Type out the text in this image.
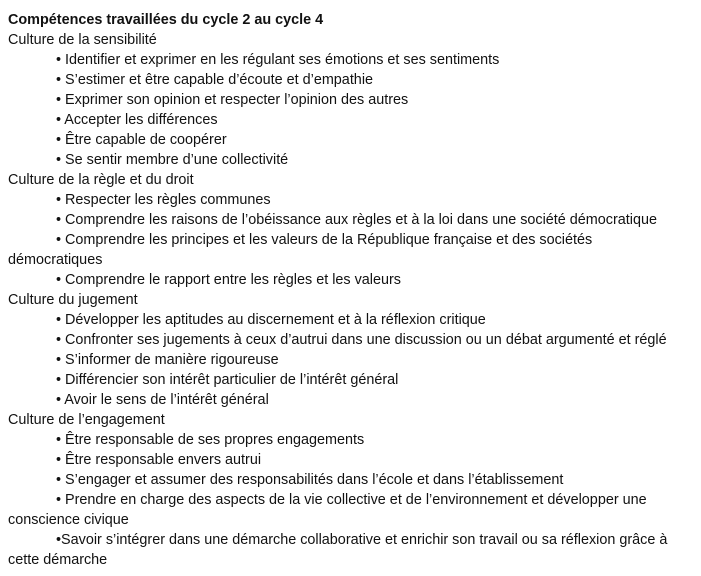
Compétences travaillées du cycle 2 au cycle 4

Culture de la sensibilité

• Identifier et exprimer en les régulant ses émotions et ses sentiments
• S’estimer et être capable d’écoute et d’empathie
• Exprimer son opinion et respecter l’opinion des autres
• Accepter les différences
• Être capable de coopérer
• Se sentir membre d’une collectivité

Culture de la règle et du droit

• Respecter les règles communes
• Comprendre les raisons de l’obéissance aux règles et à la loi dans une société démocratique
• Comprendre les principes et les valeurs de la République française et des sociétés
démocratiques
• Comprendre le rapport entre les règles et les valeurs

Culture du jugement

• Développer les aptitudes au discernement et à la réflexion critique
• Confronter ses jugements à ceux d’autrui dans une discussion ou un débat argumenté et réglé
• S’informer de manière rigoureuse
• Différencier son intérêt particulier de l’intérêt général
• Avoir le sens de l’intérêt général

Culture de l’engagement

• Être responsable de ses propres engagements
• Être responsable envers autrui
• S’engager et assumer des responsabilités dans l’école et dans l’établissement
• Prendre en charge des aspects de la vie collective et de l’environnement et développer une
conscience civique
•Savoir s’intégrer dans une démarche collaborative et enrichir son travail ou sa réflexion grâce à
cette démarche
